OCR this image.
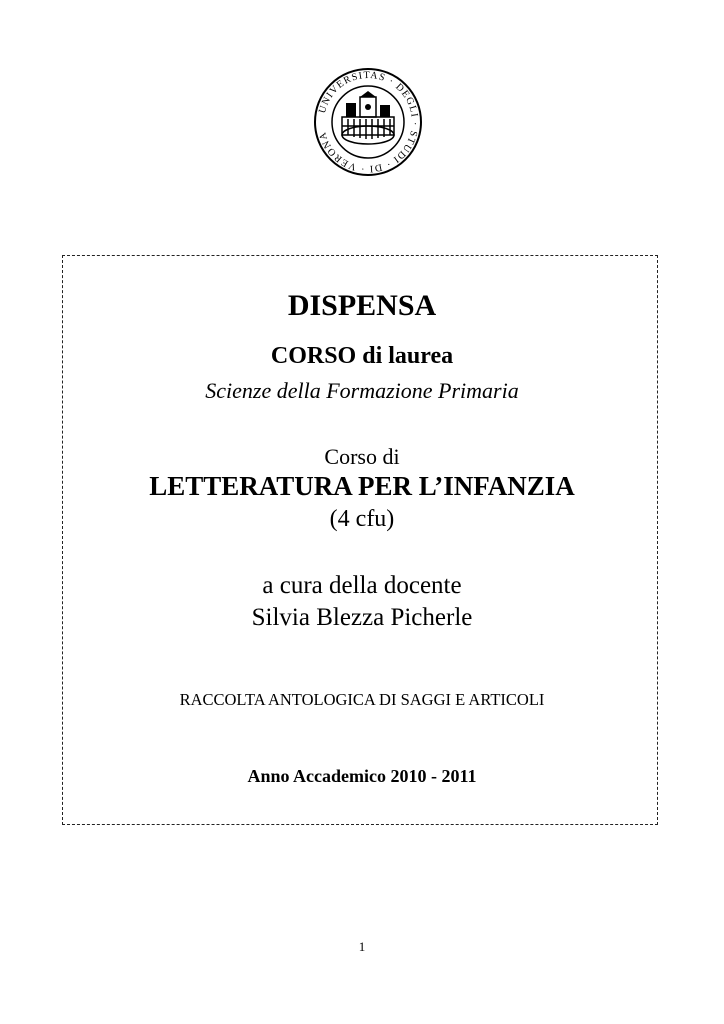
UNIVERSITAS · DEGLI · STUDI · DI · VERONA
DISPENSA
CORSO di laurea
Scienze della Formazione Primaria
Corso di
LETTERATURA PER L’INFANZIA
(4 cfu)
a cura della docente
Silvia Blezza Picherle
RACCOLTA ANTOLOGICA DI SAGGI E ARTICOLI
Anno Accademico 2010 - 2011
1
